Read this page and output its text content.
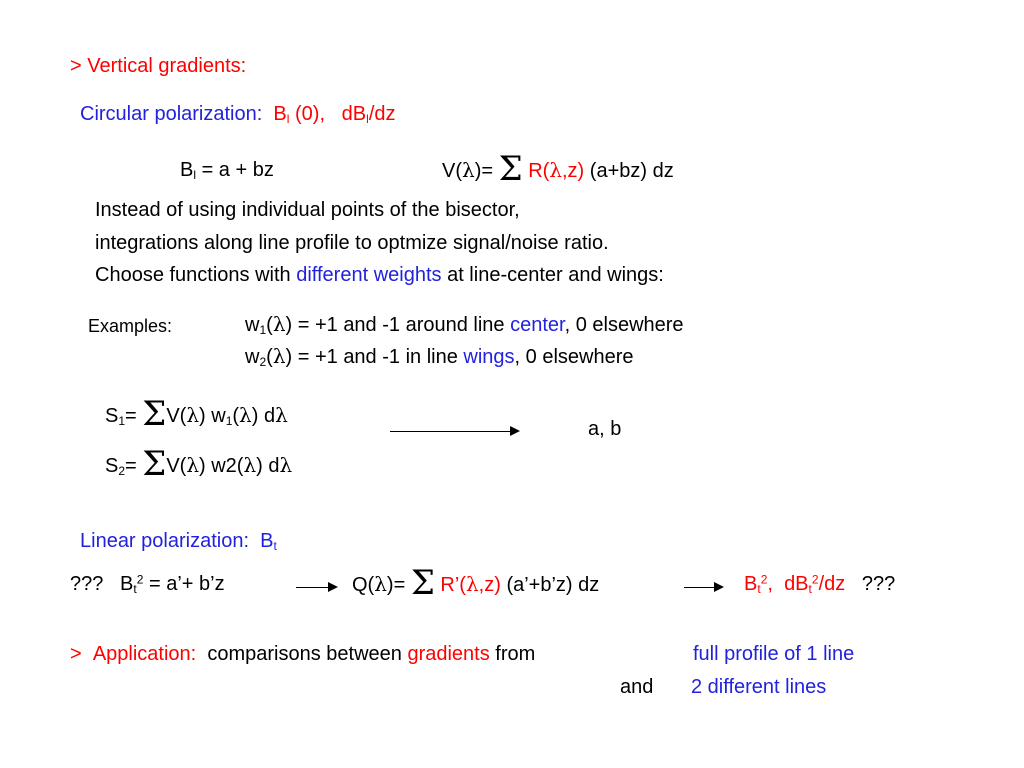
> Vertical gradients:
Circular polarization: $B_l$ (0), $dB_l/dz$
$B_l = a$ + bz	V(λ)= Σ R(λ,z) (a+bz) dz
Instead of using individual points of the bisector,
integrations along line profile to optmize signal/noise ratio.
Choose functions with different weights at line-center and wings:
Examples:	$w_1(\lambda) = +1$ and -1 around line center, 0 elsewhere
$w_2(\lambda) = +1$ and -1 in line wings, 0 elsewhere
$S_1= \Sigma V(\lambda)$ $w_1(\lambda)$ dλ
$S_2= \Sigma V(\lambda)$ w2(λ) dλ
a, b
Linear polarization: $B_t$
??? $B_t^2$ = a’+ b’z	Q(λ)= Σ R’(λ,z) (a’+b’z) dz	$B_t^2$, $dB_t^2/dz$ ???
> Application: comparisons between gradients from	full profile of 1 line
and 2 different lines
